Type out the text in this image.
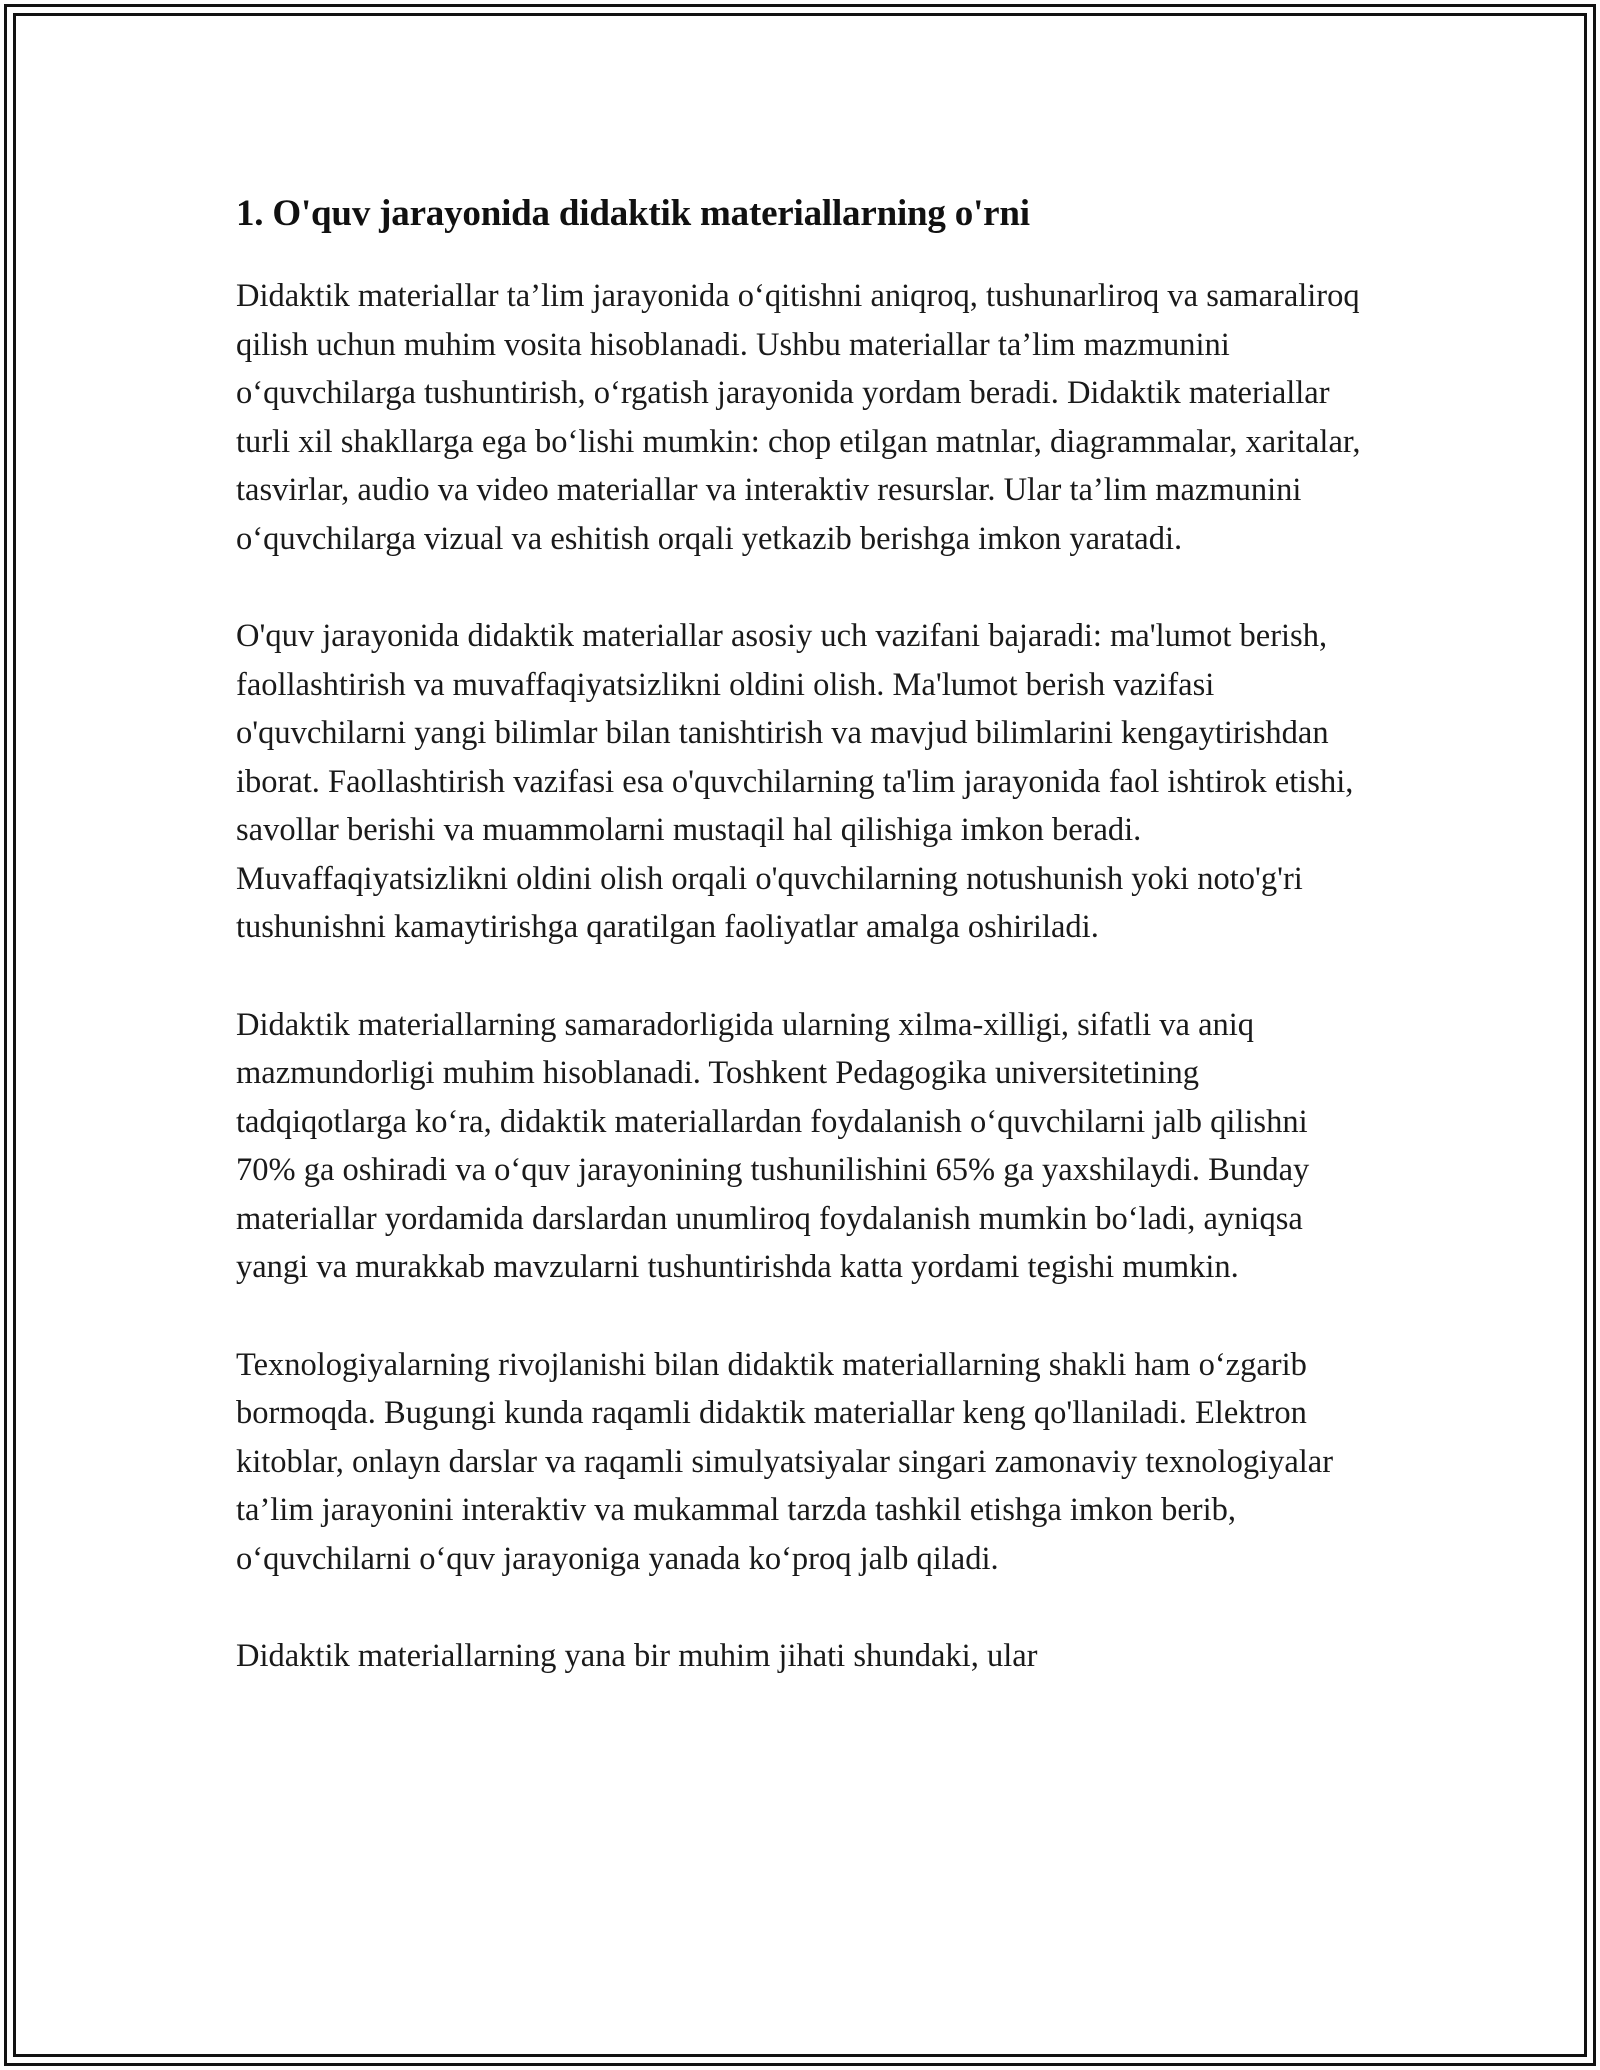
1. O'quv jarayonida didaktik materiallarning o'rni

Didaktik materiallar ta’lim jarayonida o‘qitishni aniqroq, tushunarliroq va samaraliroq qilish uchun muhim vosita hisoblanadi. Ushbu materiallar ta’lim mazmunini o‘quvchilarga tushuntirish, o‘rgatish jarayonida yordam beradi. Didaktik materiallar turli xil shakllarga ega bo‘lishi mumkin: chop etilgan matnlar, diagrammalar, xaritalar, tasvirlar, audio va video materiallar va interaktiv resurslar. Ular ta’lim mazmunini o‘quvchilarga vizual va eshitish orqali yetkazib berishga imkon yaratadi.

O'quv jarayonida didaktik materiallar asosiy uch vazifani bajaradi: ma'lumot berish, faollashtirish va muvaffaqiyatsizlikni oldini olish. Ma'lumot berish vazifasi o'quvchilarni yangi bilimlar bilan tanishtirish va mavjud bilimlarini kengaytirishdan iborat. Faollashtirish vazifasi esa o'quvchilarning ta'lim jarayonida faol ishtirok etishi, savollar berishi va muammolarni mustaqil hal qilishiga imkon beradi. Muvaffaqiyatsizlikni oldini olish orqali o'quvchilarning notushunish yoki noto'g'ri tushunishni kamaytirishga qaratilgan faoliyatlar amalga oshiriladi.

Didaktik materiallarning samaradorligida ularning xilma-xilligi, sifatli va aniq mazmundorligi muhim hisoblanadi. Toshkent Pedagogika universitetining tadqiqotlarga ko‘ra, didaktik materiallardan foydalanish o‘quvchilarni jalb qilishni 70% ga oshiradi va o‘quv jarayonining tushunilishini 65% ga yaxshilaydi. Bunday materiallar yordamida darslardan unumliroq foydalanish mumkin bo‘ladi, ayniqsa yangi va murakkab mavzularni tushuntirishda katta yordami tegishi mumkin.

Texnologiyalarning rivojlanishi bilan didaktik materiallarning shakli ham o‘zgarib bormoqda. Bugungi kunda raqamli didaktik materiallar keng qo'llaniladi. Elektron kitoblar, onlayn darslar va raqamli simulyatsiyalar singari zamonaviy texnologiyalar ta’lim jarayonini interaktiv va mukammal tarzda tashkil etishga imkon berib, o‘quvchilarni o‘quv jarayoniga yanada ko‘proq jalb qiladi.

Didaktik materiallarning yana bir muhim jihati shundaki, ular
